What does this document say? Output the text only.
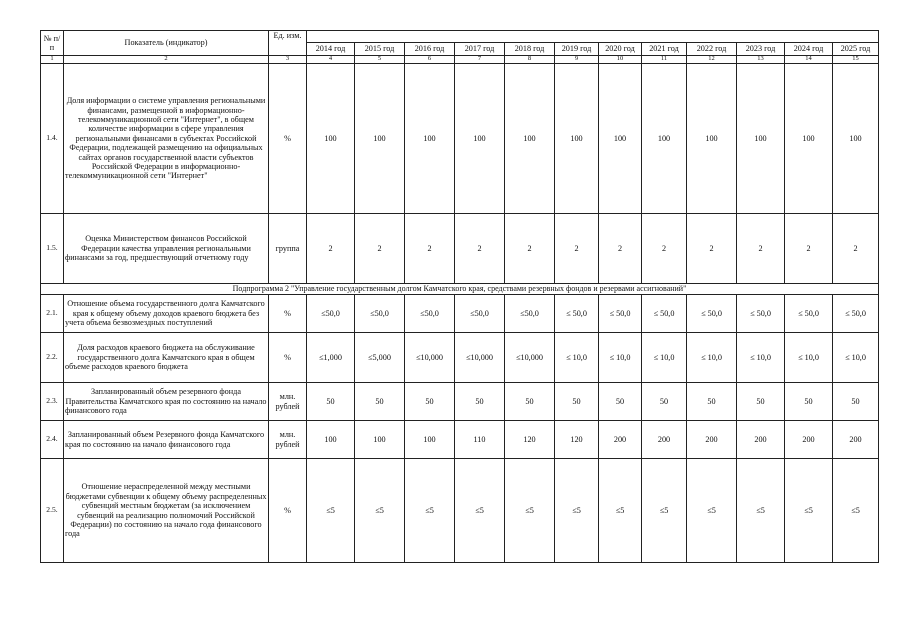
№ п/п	Показатель (индикатор)	Ед. изм.												
			2014 год	2015 год	2016 год	2017 год	2018 год	2019 год	2020 год	2021 год	2022 год	2023 год	2024 год	2025 год
1	2	3	4	5	6	7	8	9	10	11	12	13	14	15
1.4.	Доля информации о системе управления региональными финансами, размещенной в информационно-телекоммуникационной сети "Интернет", в общем количестве информации в сфере управления региональными финансами в субъектах Российской Федерации, подлежащей размещению на официальных сайтах органов государственной власти субъектов Российской Федерации в информационно-телекоммуникационной сети "Интернет"	%	100	100	100	100	100	100	100	100	100	100	100	100
1.5.	Оценка Министерством финансов Российской Федерации качества управления региональными финансами за год, предшествующий отчетному году	группа	2	2	2	2	2	2	2	2	2	2	2	2
Подпрограмма 2 "Управление государственным долгом Камчатского края, средствами резервных фондов и резервами ассигнований"														
2.1.	Отношение объема государственного долга Камчатского края к общему объему доходов краевого бюджета без учета объема безвозмездных поступлений	%	≤50,0	≤50,0	≤50,0	≤50,0	≤50,0	≤ 50,0	≤ 50,0	≤ 50,0	≤ 50,0	≤ 50,0	≤ 50,0	≤ 50,0
2.2.	Доля расходов краевого бюджета на обслуживание государственного долга Камчатского края в общем объеме расходов краевого бюджета	%	≤1,000	≤5,000	≤10,000	≤10,000	≤10,000	≤ 10,0	≤ 10,0	≤ 10,0	≤ 10,0	≤ 10,0	≤ 10,0	≤ 10,0
2.3.	Запланированный объем резервного фонда Правительства Камчатского края по состоянию на начало финансового года	млн. рублей	50	50	50	50	50	50	50	50	50	50	50	50
2.4.	Запланированный объем Резервного фонда Камчатского края по состоянию на начало финансового года	млн. рублей	100	100	100	110	120	120	200	200	200	200	200	200
2.5.	Отношение нераспределенной между местными бюджетами субвенции к общему объему распределенных субвенций местным бюджетам (за исключением субвенций на реализацию полномочий Российской Федерации) по состоянию на начало года финансового года	%	≤5	≤5	≤5	≤5	≤5	≤5	≤5	≤5	≤5	≤5	≤5	≤5
